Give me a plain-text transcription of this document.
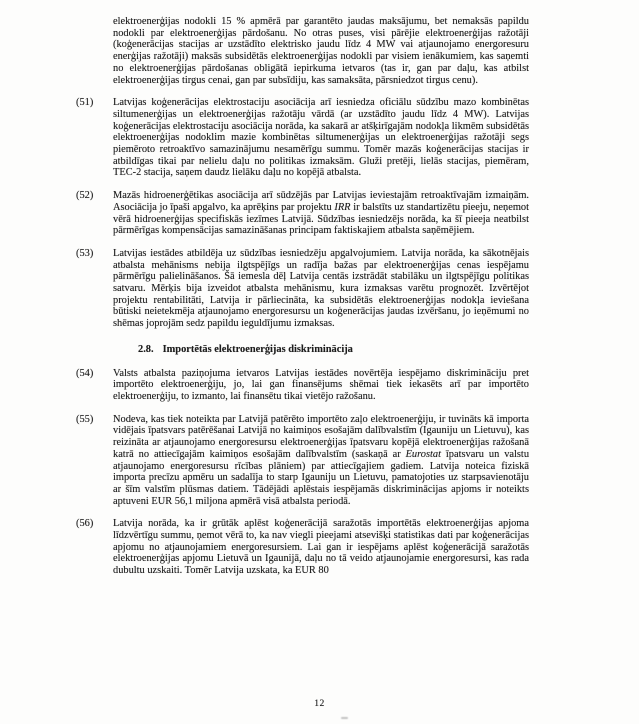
elektroenerģijas nodokli 15 % apmērā par garantēto jaudas maksājumu, bet nemaksās papildu nodokli par elektroenerģijas pārdošanu. No otras puses, visi pārējie elektroenerģijas ražotāji (koģenerācijas stacijas ar uzstādīto elektrisko jaudu līdz 4 MW vai atjaunojamo energoresuru enerģijas ražotāji) maksās subsidētās elektroenerģijas nodokli par visiem ienākumiem, kas saņemti no elektroenerģijas pārdošanas obligātā iepirkuma ietvaros (tas ir, gan par daļu, kas atbilst elektroenerģijas tirgus cenai, gan par subsīdiju, kas samaksāta, pārsniedzot tirgus cenu).

(51) Latvijas koģenerācijas elektrostaciju asociācija arī iesniedza oficiālu sūdzību mazo kombinētas siltumenerģijas un elektroenerģijas ražotāju vārdā (ar uzstādīto jaudu līdz 4 MW). Latvijas koģenerācijas elektrostaciju asociācija norāda, ka sakarā ar atšķirīgajām nodokļa likmēm subsidētās elektroenerģijas nodoklim mazie kombinētas siltumenerģijas un elektroenerģijas ražotāji segs piemēroto retroaktīvo samazinājumu nesamērīgu summu. Tomēr mazās koģenerācijas stacijas ir atbildīgas tikai par nelielu daļu no politikas izmaksām. Gluži pretēji, lielās stacijas, piemēram, TEC-2 stacija, saņem daudz lielāku daļu no kopējā atbalsta.

(52) Mazās hidroenerģētikas asociācija arī sūdzējās par Latvijas ieviestajām retroaktīvajām izmaiņām. Asociācija jo īpaši apgalvo, ka aprēķins par projektu IRR ir balstīts uz standartizētu pieeju, neņemot vērā hidroenerģijas specifiskās iezīmes Latvijā. Sūdzības iesniedzējs norāda, ka šī pieeja neatbilst pārmērīgas kompensācijas samazināšanas principam faktiskajiem atbalsta saņēmējiem.

(53) Latvijas iestādes atbildēja uz sūdzības iesniedzēju apgalvojumiem. Latvija norāda, ka sākotnējais atbalsta mehānisms nebija ilgtspējīgs un radīja bažas par elektroenerģijas cenas iespējamu pārmērīgu palielināšanos. Šā iemesla dēļ Latvija centās izstrādāt stabilāku un ilgtspējīgu politikas satvaru. Mērķis bija izveidot atbalsta mehānismu, kura izmaksas varētu prognozēt. Izvērtējot projektu rentabilitāti, Latvija ir pārliecināta, ka subsidētās elektroenerģijas nodokļa ieviešana būtiski neietekmēja atjaunojamo energoresursu un koģenerācijas jaudas izvēršanu, jo ieņēmumi no shēmas joprojām sedz papildu ieguldījumu izmaksas.

2.8. Importētās elektroenerģijas diskriminācija

(54) Valsts atbalsta paziņojuma ietvaros Latvijas iestādes novērtēja iespējamo diskrimināciju pret importēto elektroenerģiju, jo, lai gan finansējums shēmai tiek iekasēts arī par importēto elektroenerģiju, to izmanto, lai finansētu tikai vietējo ražošanu.

(55) Nodeva, kas tiek noteikta par Latvijā patērēto importēto zaļo elektroenerģiju, ir tuvināts kā importa vidējais īpatsvars patērēšanai Latvijā no kaimiņos esošajām dalībvalstīm (Igauniju un Lietuvu), kas reizināta ar atjaunojamo energoresursu elektroenerģijas īpatsvaru kopējā elektroenerģijas ražošanā katrā no attiecīgajām kaimiņos esošajām dalībvalstīm (saskaņā ar Eurostat īpatsvaru un valstu atjaunojamo energoresursu rīcības plāniem) par attiecīgajiem gadiem. Latvija noteica fiziskā importa precīzu apmēru un sadalīja to starp Igauniju un Lietuvu, pamatojoties uz starpsavienotāju ar šīm valstīm plūsmas datiem. Tādējādi aplēstais iespējamās diskriminācijas apjoms ir noteikts aptuveni EUR 56,1 miljona apmērā visā atbalsta periodā.

(56) Latvija norāda, ka ir grūtāk aplēst koģenerācijā saražotās importētās elektroenerģijas apjoma līdzvērtīgu summu, ņemot vērā to, ka nav viegli pieejami atsevišķi statistikas dati par koģenerācijas apjomu no atjaunojamiem energoresursiem. Lai gan ir iespējams aplēst koģenerācijā saražotās elektroenerģijas apjomu Lietuvā un Igaunijā, daļu no tā veido atjaunojamie energoresursi, kas rada dubultu uzskaiti. Tomēr Latvija uzskata, ka EUR 80

12
